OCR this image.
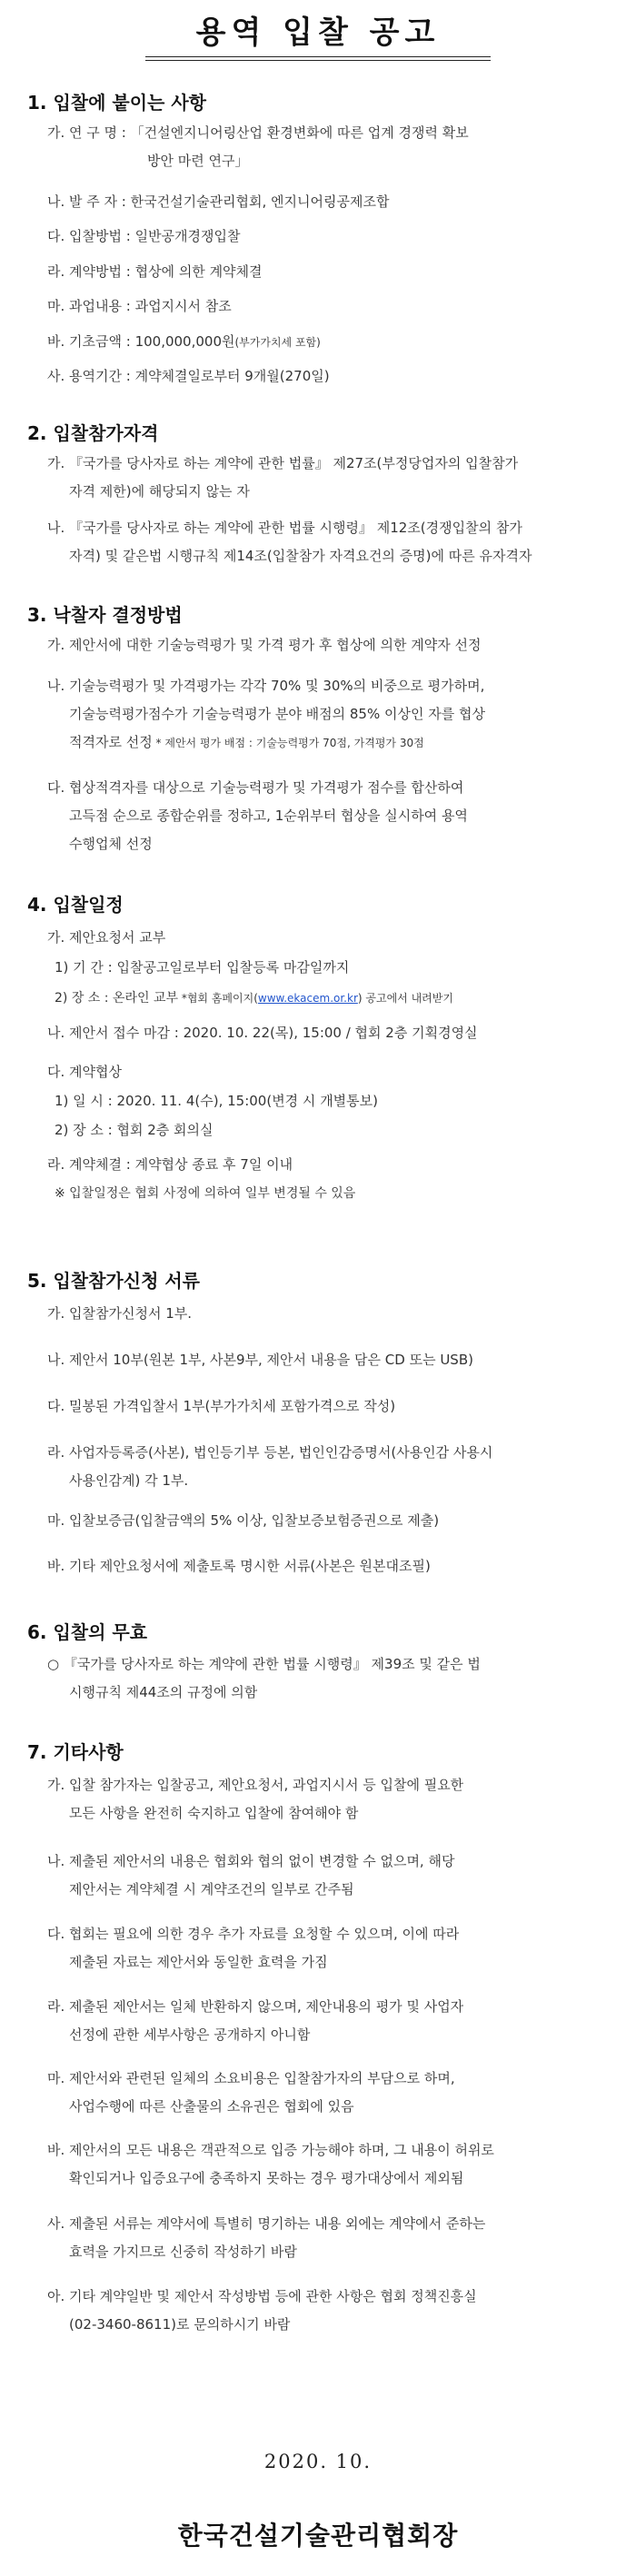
용역 입찰 공고
1. 입찰에 붙이는 사항
가. 연 구 명 : 「건설엔지니어링산업 환경변화에 따른 업계 경쟁력 확보
방안 마련 연구」
나. 발 주 자 : 한국건설기술관리협회, 엔지니어링공제조합
다. 입찰방법 : 일반공개경쟁입찰
라. 계약방법 : 협상에 의한 계약체결
마. 과업내용 : 과업지시서 참조
바. 기초금액 : 100,000,000원(부가가치세 포함)
사. 용역기간 : 계약체결일로부터 9개월(270일)
2. 입찰참가자격
가. 『국가를 당사자로 하는 계약에 관한 법률』 제27조(부정당업자의 입찰참가
자격 제한)에 해당되지 않는 자
나. 『국가를 당사자로 하는 계약에 관한 법률 시행령』 제12조(경쟁입찰의 참가
자격) 및 같은법 시행규칙 제14조(입찰참가 자격요건의 증명)에 따른 유자격자
3. 낙찰자 결정방법
가. 제안서에 대한 기술능력평가 및 가격 평가 후 협상에 의한 계약자 선정
나. 기술능력평가 및 가격평가는 각각 70% 및 30%의 비중으로 평가하며,
기술능력평가점수가 기술능력평가 분야 배점의 85% 이상인 자를 협상
적격자로 선정 * 제안서 평가 배점 : 기술능력평가 70점, 가격평가 30점
다. 협상적격자를 대상으로 기술능력평가 및 가격평가 점수를 합산하여
고득점 순으로 종합순위를 정하고, 1순위부터 협상을 실시하여 용역
수행업체 선정
4. 입찰일정
가. 제안요청서 교부
1) 기 간 : 입찰공고일로부터 입찰등록 마감일까지
2) 장 소 : 온라인 교부 *협회 홈페이지(www.ekacem.or.kr) 공고에서 내려받기
나. 제안서 접수 마감 : 2020. 10. 22(목), 15:00 / 협회 2층 기획경영실
다. 계약협상
1) 일 시 : 2020. 11. 4(수), 15:00(변경 시 개별통보)
2) 장 소 : 협회 2층 회의실
라. 계약체결 : 계약협상 종료 후 7일 이내
※ 입찰일정은 협회 사정에 의하여 일부 변경될 수 있음
5. 입찰참가신청 서류
가. 입찰참가신청서 1부.
나. 제안서 10부(원본 1부, 사본9부, 제안서 내용을 담은 CD 또는 USB)
다. 밀봉된 가격입찰서 1부(부가가치세 포함가격으로 작성)
라. 사업자등록증(사본), 법인등기부 등본, 법인인감증명서(사용인감 사용시
사용인감계) 각 1부.
마. 입찰보증금(입찰금액의 5% 이상, 입찰보증보험증권으로 제출)
바. 기타 제안요청서에 제출토록 명시한 서류(사본은 원본대조필)
6. 입찰의 무효
○ 『국가를 당사자로 하는 계약에 관한 법률 시행령』 제39조 및 같은 법
시행규칙 제44조의 규정에 의함
7. 기타사항
가. 입찰 참가자는 입찰공고, 제안요청서, 과업지시서 등 입찰에 필요한
모든 사항을 완전히 숙지하고 입찰에 참여해야 함
나. 제출된 제안서의 내용은 협회와 협의 없이 변경할 수 없으며, 해당
제안서는 계약체결 시 계약조건의 일부로 간주됨
다. 협회는 필요에 의한 경우 추가 자료를 요청할 수 있으며, 이에 따라
제출된 자료는 제안서와 동일한 효력을 가짐
라. 제출된 제안서는 일체 반환하지 않으며, 제안내용의 평가 및 사업자
선정에 관한 세부사항은 공개하지 아니함
마. 제안서와 관련된 일체의 소요비용은 입찰참가자의 부담으로 하며,
사업수행에 따른 산출물의 소유권은 협회에 있음
바. 제안서의 모든 내용은 객관적으로 입증 가능해야 하며, 그 내용이 허위로
확인되거나 입증요구에 충족하지 못하는 경우 평가대상에서 제외됨
사. 제출된 서류는 계약서에 특별히 명기하는 내용 외에는 계약에서 준하는
효력을 가지므로 신중히 작성하기 바람
아. 기타 계약일반 및 제안서 작성방법 등에 관한 사항은 협회 정책진흥실
(02-3460-8611)로 문의하시기 바람
2020. 10.
한국건설기술관리협회장
